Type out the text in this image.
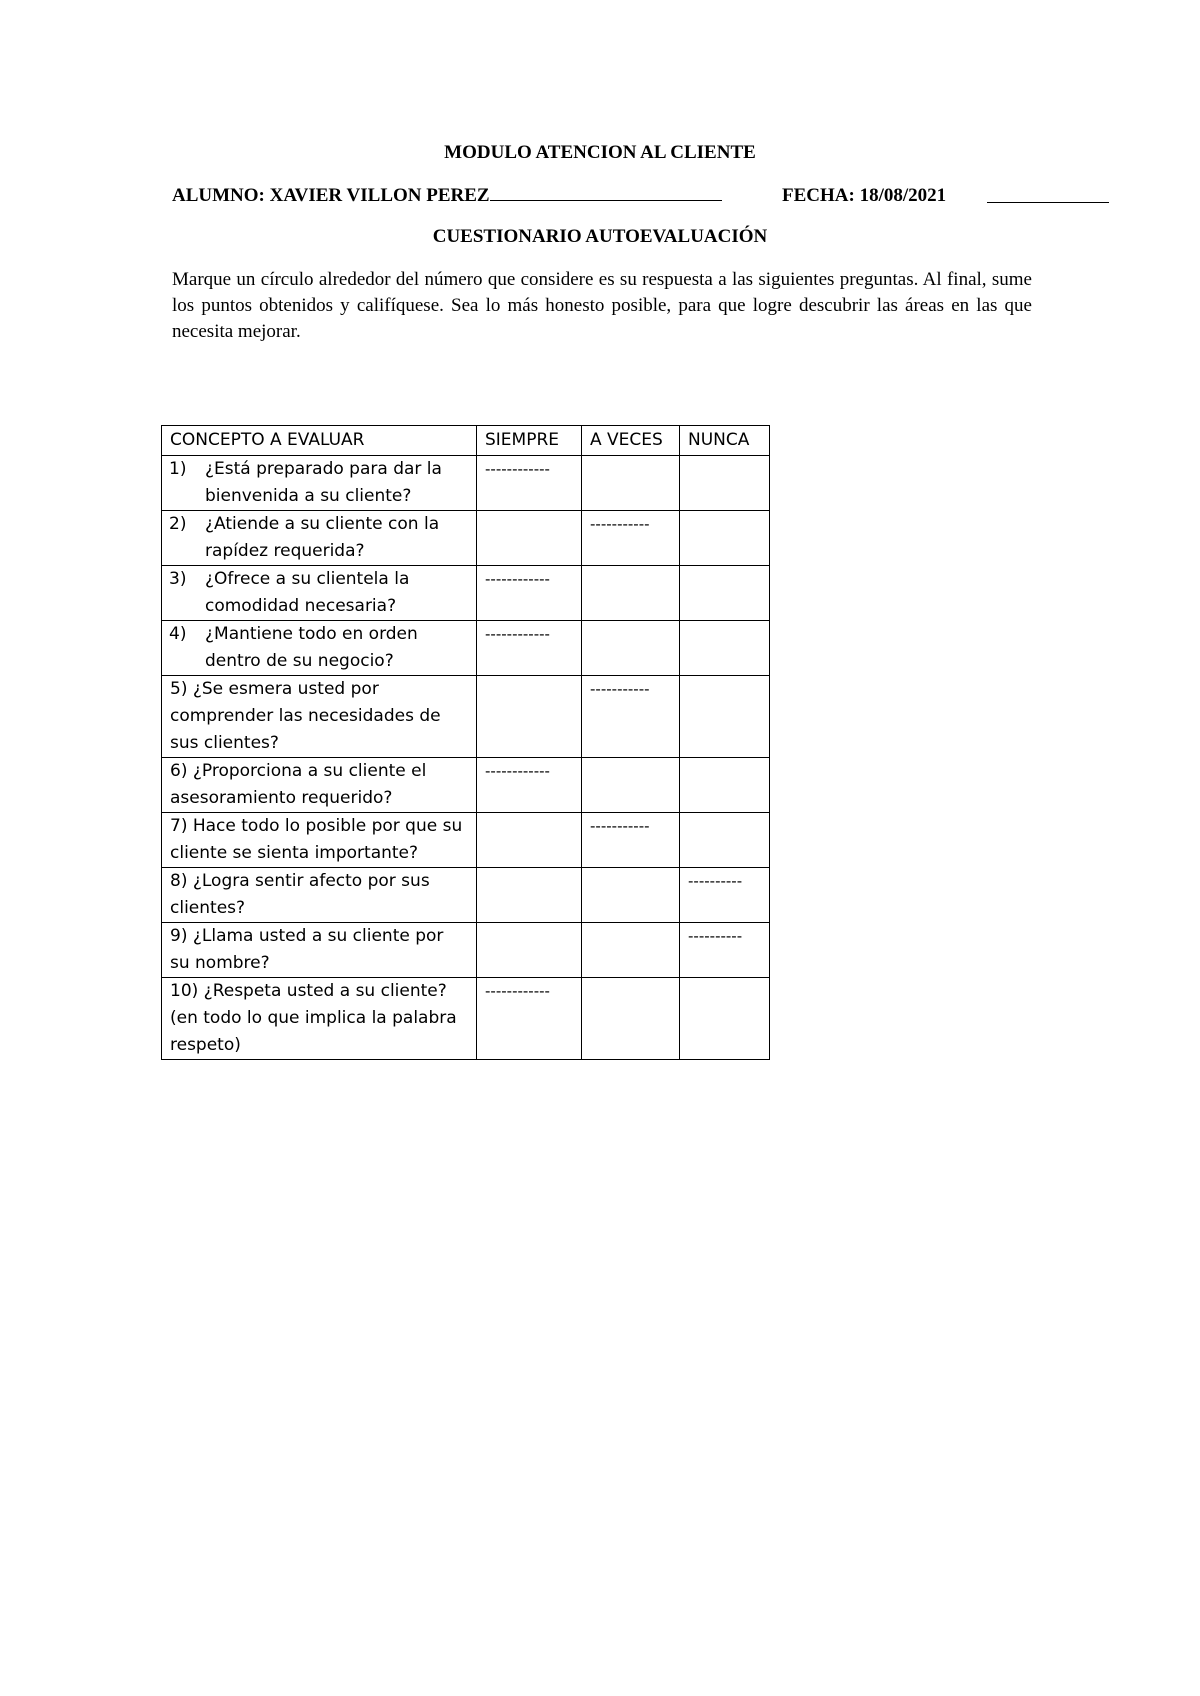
MODULO ATENCION AL CLIENTE
ALUMNO: XAVIER VILLON PEREZ	FECHA: 18/08/2021
CUESTIONARIO AUTOEVALUACIÓN
Marque un círculo alrededor del número que considere es su respuesta a las siguientes preguntas. Al final, sume los puntos obtenidos y califíquese. Sea lo más honesto posible, para que logre descubrir las áreas en las que necesita mejorar.
CONCEPTO A EVALUAR	SIEMPRE	A VECES	NUNCA

1) ¿Está preparado para dar la bienvenida a su cliente?	------------		

2) ¿Atiende a su cliente con la rapídez requerida?		-----------	

3) ¿Ofrece a su clientela la comodidad necesaria?	------------		

4) ¿Mantiene todo en orden dentro de su negocio?	------------		
5) ¿Se esmera usted por comprender las necesidades de sus clientes?		-----------	
6) ¿Proporciona a su cliente el asesoramiento requerido?	------------		
7) Hace todo lo posible por que su cliente se sienta importante?		-----------	
8) ¿Logra sentir afecto por sus clientes?			----------
9) ¿Llama usted a su cliente por su nombre?			----------
10) ¿Respeta usted a su cliente? (en todo lo que implica la palabra respeto)	------------		
